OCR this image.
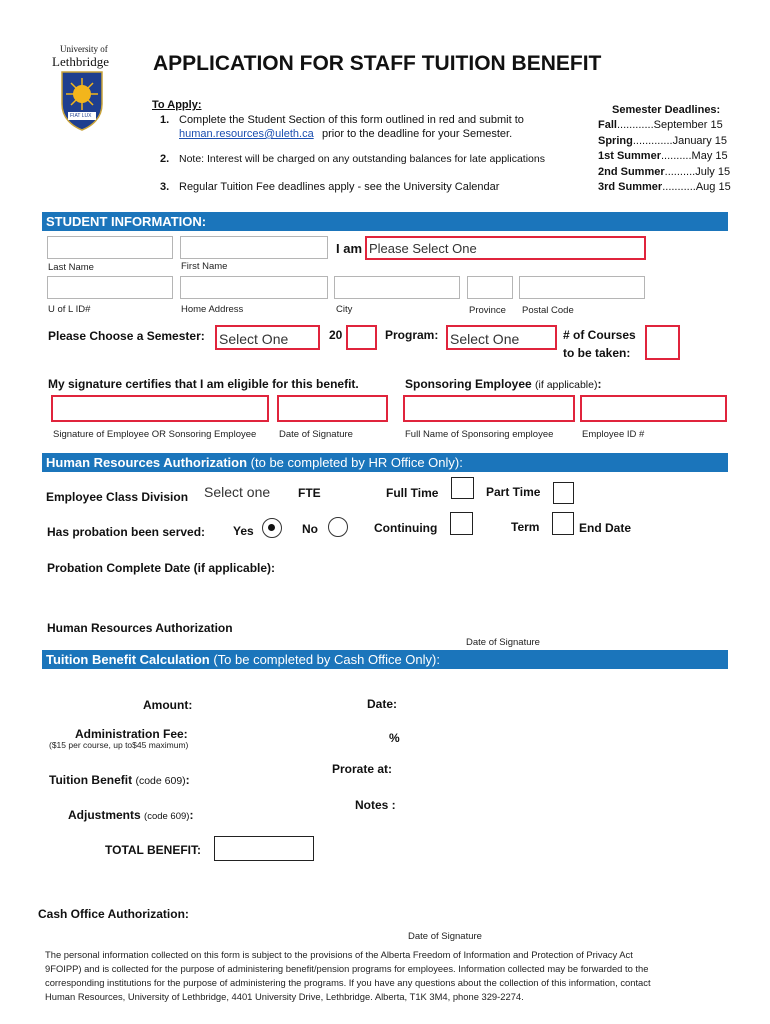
University of
Lethbridge
FIAT LUX
APPLICATION FOR STAFF TUITION BENEFIT
To Apply:
1. Complete the Student Section of this form outlined in red and submit to
human.resources@uleth.ca prior to the deadline for your Semester.
2. Note: Interest will be charged on any outstanding balances for late applications
3. Regular Tuition Fee deadlines apply - see the University Calendar
Semester Deadlines:
Fall............September 15
Spring.............January 15
1st Summer..........May 15
2nd Summer..........July 15
3rd Summer...........Aug 15
STUDENT INFORMATION:
I am Please Select One
Last Name	First Name
U of L ID#	Home Address	City	Province Postal Code
Please Choose a Semester: Select One	20	Program: Select One	# of Courses
to be taken:
My signature certifies that I am eligible for this benefit.	Sponsoring Employee (if applicable):
Signature of Employee OR Sonsoring Employee Date of Signature	Full Name of Sponsoring employee	Employee ID #
Human Resources Authorization (to be completed by HR Office Only):
Employee Class Division Select one FTE	Full Time	Part Time
Has probation been served: Yes	No	Continuing	Term	End Date
Probation Complete Date (if applicable):
Human Resources Authorization
Date of Signature
Tuition Benefit Calculation (To be completed by Cash Office Only):
Amount:	Date:
Administration Fee:
($15 per course, up to$45 maximum)	%
Tuition Benefit (code 609):
Prorate at:
Adjustments (code 609):
Notes :
TOTAL BENEFIT:
Cash Office Authorization:
Date of Signature
The personal information collected on this form is subject to the provisions of the Alberta Freedom of Information and Protection of Privacy Act
9FOIPP) and is collected for the purpose of administering benefit/pension programs for employees. Information collected may be forwarded to the
corresponding institutions for the purpose of administering the programs. If you have any questions about the collection of this information, contact
Human Resources, University of Lethbridge, 4401 University Drive, Lethbridge. Alberta, T1K 3M4, phone 329-2274.
